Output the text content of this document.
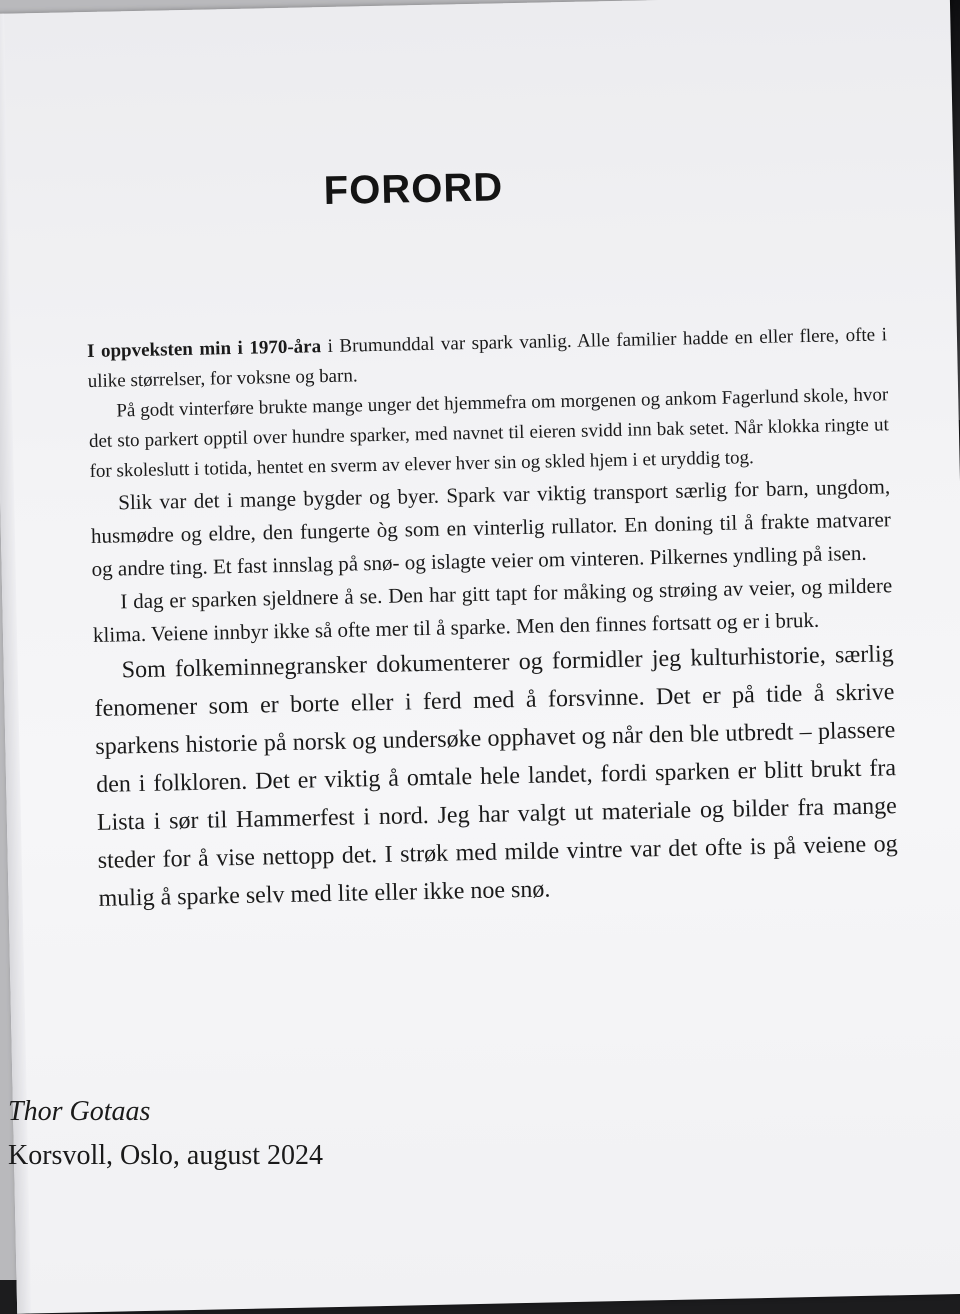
FORORD

I oppveksten min i 1970-åra i Brumunddal var spark vanlig. Alle familier hadde en eller flere, ofte i ulike størrelser, for voksne og barn.

På godt vinterføre brukte mange unger det hjemmefra om morgenen og ankom Fagerlund skole, hvor det sto parkert opptil over hundre sparker, med navnet til eieren svidd inn bak setet. Når klokka ringte ut for skoleslutt i totida, hentet en sverm av elever hver sin og skled hjem i et uryddig tog.

Slik var det i mange bygder og byer. Spark var viktig transport særlig for barn, ungdom, husmødre og eldre, den fungerte òg som en vinterlig rullator. En doning til å frakte matvarer og andre ting. Et fast innslag på snø- og islagte veier om vinteren. Pilkernes yndling på isen.

I dag er sparken sjeldnere å se. Den har gitt tapt for måking og strøing av veier, og mildere klima. Veiene innbyr ikke så ofte mer til å sparke. Men den finnes fortsatt og er i bruk.

Som folkeminnegransker dokumenterer og formidler jeg kulturhistorie, særlig fenomener som er borte eller i ferd med å forsvinne. Det er på tide å skrive sparkens historie på norsk og undersøke opphavet og når den ble utbredt – plassere den i folkloren. Det er viktig å omtale hele landet, fordi sparken er blitt brukt fra Lista i sør til Hammerfest i nord. Jeg har valgt ut materiale og bilder fra mange steder for å vise nettopp det. I strøk med milde vintre var det ofte is på veiene og mulig å sparke selv med lite eller ikke noe snø.

Thor Gotaas
Korsvoll, Oslo, august 2024
